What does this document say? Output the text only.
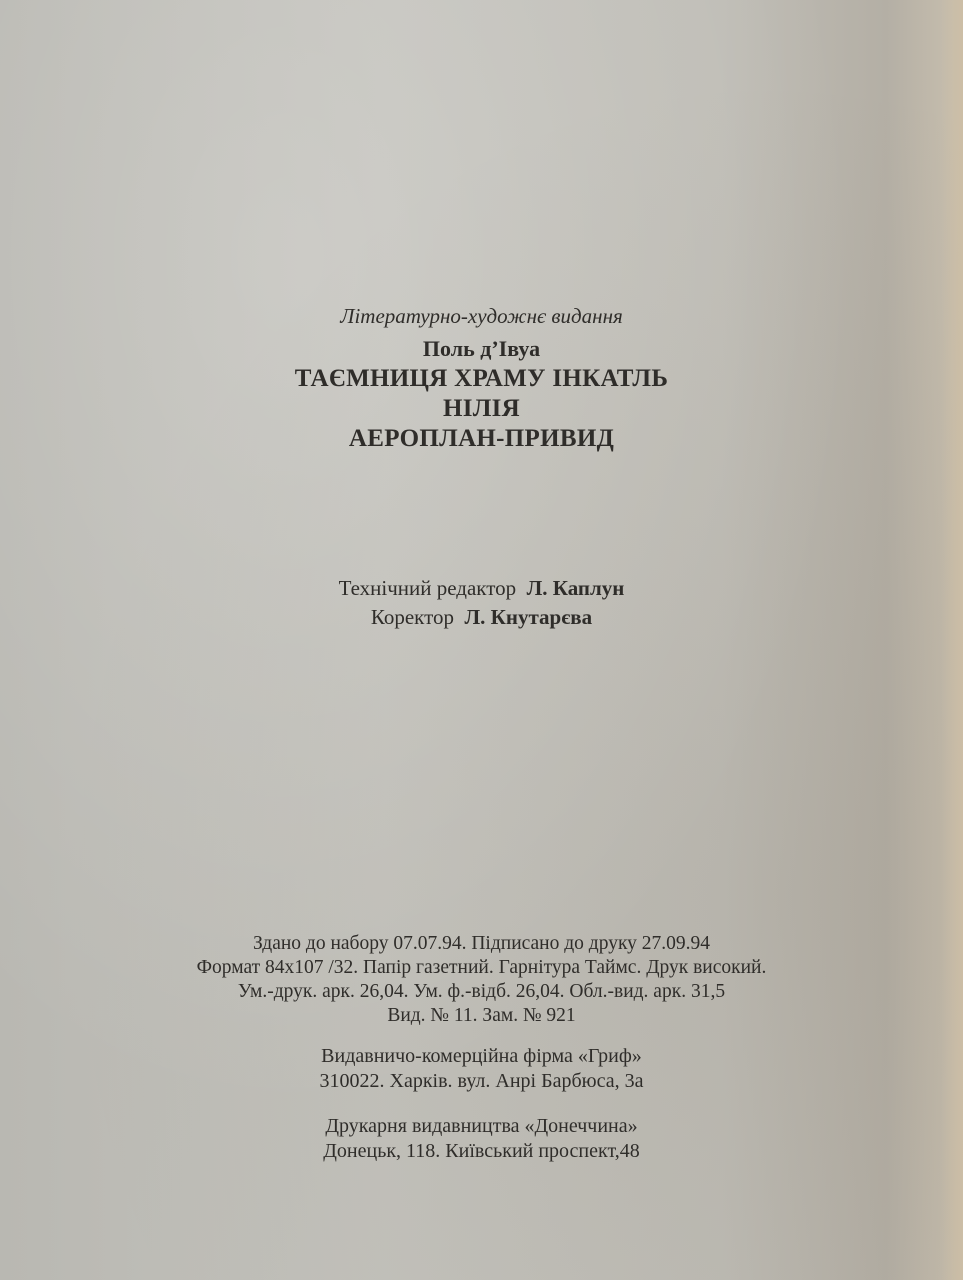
Літературно-художнє видання
Поль д’Івуа
ТАЄМНИЦЯ ХРАМУ ІНКАТЛЬ
НІЛІЯ
АЕРОПЛАН-ПРИВИД
Технічний редактор Л. Каплун
Коректор Л. Кнутарєва
Здано до набору 07.07.94. Підписано до друку 27.09.94
Формат 84x107 /32. Папір газетний. Гарнітура Таймс. Друк високий.
Ум.-друк. арк. 26,04. Ум. ф.-відб. 26,04. Обл.-вид. арк. 31,5
Вид. № 11. Зам. № 921
Видавничо-комерційна фірма «Гриф»
310022. Харків. вул. Анрі Барбюса, 3а
Друкарня видавництва «Донеччина»
Донецьк, 118. Київський проспект,48
